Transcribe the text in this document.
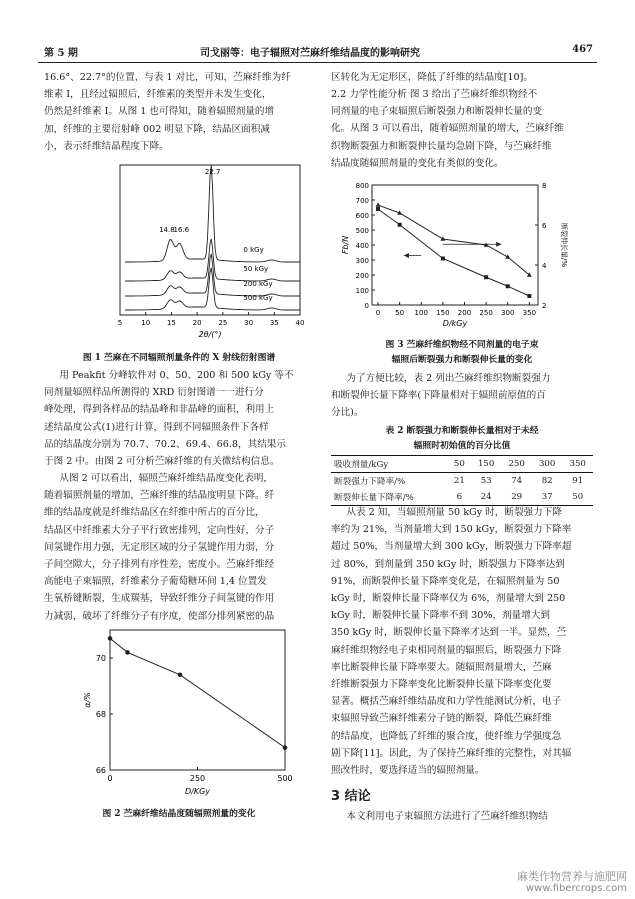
第 5 期	司戈丽等：电子辐照对苎麻纤维结晶度的影响研究	467

16.6°、22.7°的位置，与表 1 对比，可知，苎麻纤维为纤

维素 I，且经过辐照后，纤维素的类型并未发生变化，

仍然是纤维素 I。从图 1 也可得知，随着辐照剂量的增

加，纤维的主要衍射峰 002 明显下降，结晶区面积减

小，表示纤维结晶程度下降。

5	10 15 20 25 30 35 40
2θ/(°)
0 kGy
50 kGy
200 kGy
500 kGy
14.8
16.6
22.7
图 1 苎麻在不同辐照剂量条件的 X 射线衍射图谱

用 Peakfit 分峰软件对 0、50、200 和 500 kGy 等不

同剂量辐照样品所测得的 XRD 衍射图谱一一进行分

峰处理，得到各样品的结晶峰和非晶峰的面积，利用上

述结晶度公式(1)进行计算，得到不同辐照条件下各样

品的结晶度分别为 70.7、70.2、69.4、66.8，其结果示

于图 2 中。由图 2 可分析苎麻纤维的有关微结构信息。

从图 2 可以看出，辐照苎麻纤维结晶度变化表明，

随着辐照剂量的增加，苎麻纤维的结晶度明显下降。纤

维的结晶度就是纤维结晶区在纤维中所占的百分比，

结晶区中纤维素大分子平行致密排列，定向性好，分子

间氢键作用力强，无定形区域的分子氢键作用力弱，分

子间空隙大，分子排列有序性差，密度小。苎麻纤维经

高能电子束辐照，纤维素分子葡萄糖环间 1,4 位置发

生氧桥键断裂，生成羰基，导致纤维分子间氢键的作用

力减弱，破坏了纤维分子有序度，使部分排列紧密的晶

0	250	500
66
68
70
D/KGy
α/%
图 2 苎麻纤维结晶度随辐照剂量的变化

区转化为无定形区，降低了纤维的结晶度[10]。

2.2 力学性能分析 图 3 给出了苎麻纤维织物经不

同剂量的电子束辐照后断裂强力和断裂伸长量的变

化。从图 3 可以看出，随着辐照剂量的增大，苎麻纤维

织物断裂强力和断裂伸长量均急剧下降，与苎麻纤维

结晶度随辐照剂量的变化有类似的变化。

0 50 100 150 200 250 300 350
0
100
200
300
400
500
600
700
800
2
4
6
8
D/kGy
Fb/N	断裂伸长量/%
图 3 苎麻纤维织物经不同剂量的电子束
辐照后断裂强力和断裂伸长量的变化

为了方便比较，表 2 列出苎麻纤维织物断裂强力

和断裂伸长量下降率(下降量相对于辐照前原值的百

分比)。

表 2 断裂强力和断裂伸长量相对于未经
辐照时初始值的百分比值
吸收剂量/kGy	50	150	250	300	350
断裂强力下降率/%	21	53	74	82	91
断裂伸长量下降率/%	6	24	29	37	50

从表 2 知，当辐照剂量 50 kGy 时，断裂强力下降

率约为 21%，当剂量增大到 150 kGy，断裂强力下降率

超过 50%，当剂量增大到 300 kGy，断裂强力下降率超

过 80%，到剂量到 350 kGy 时，断裂强力下降率达到

91%，而断裂伸长量下降率变化是，在辐照剂量为 50

kGy 时，断裂伸长量下降率仅为 6%，剂量增大到 250

kGy 时，断裂伸长量下降率不到 30%，剂量增大到

350 kGy 时，断裂伸长量下降率才达到一半。显然，苎

麻纤维织物经电子束相同剂量的辐照后，断裂强力下降

率比断裂伸长量下降率要大。随辐照剂量增大，苎麻

纤维断裂强力下降率变化比断裂伸长量下降率变化要

显著。概括苎麻纤维结晶度和力学性能测试分析，电子

束辐照导致苎麻纤维素分子链的断裂，降低苎麻纤维

的结晶度，也降低了纤维的聚合度，使纤维力学强度急

剧下降[11]。因此，为了保持苎麻纤维的完整性，对其辐

照改性时，要选择适当的辐照剂量。

3 结论

本文利用电子束辐照方法进行了苎麻纤维织物结

麻类作物营养与施肥网
www.fibercrops.com
